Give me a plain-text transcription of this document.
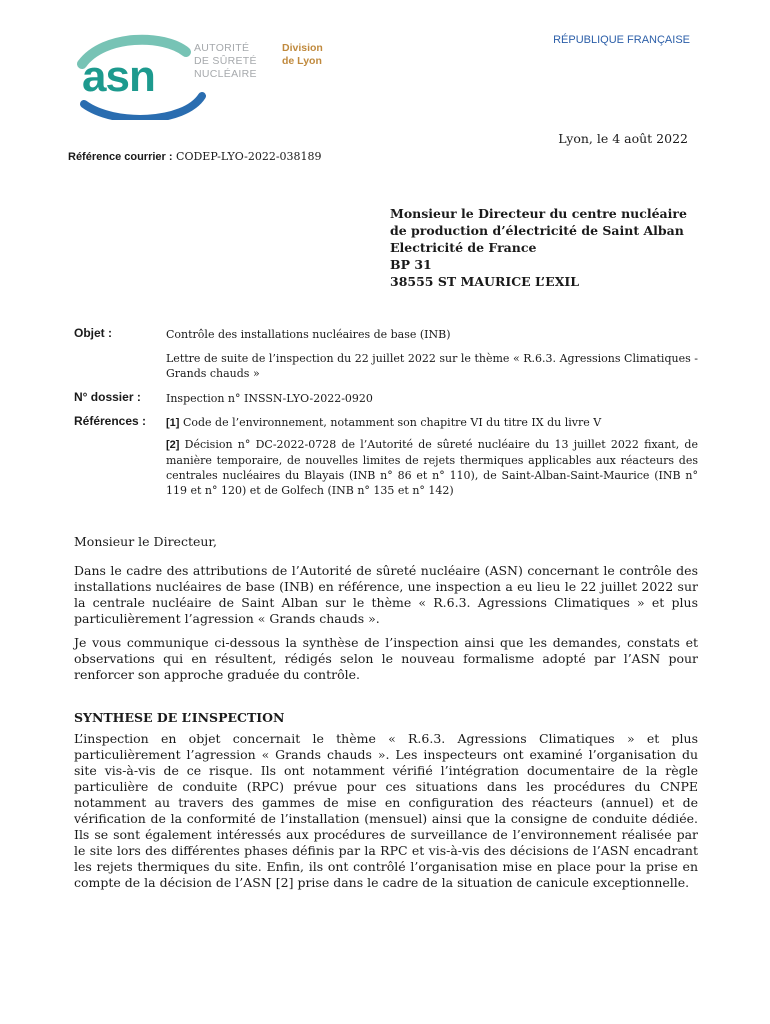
asn
AUTORITÉ
DE SÛRETÉ
NUCLÉAIRE
Division
de Lyon
RÉPUBLIQUE FRANÇAISE
Lyon, le 4 août 2022
Référence courrier : CODEP-LYO-2022-038189
Monsieur le Directeur du centre nucléaire
de production d’électricité de Saint Alban
Electricité de France
BP 31
38555 ST MAURICE L’EXIL
Objet :	Contrôle des installations nucléaires de base (INB)
Lettre de suite de l’inspection du 22 juillet 2022 sur le thème « R.6.3. Agressions Climatiques - Grands chauds »
N° dossier : Inspection n° INSSN-LYO-2022-0920
Références : [1] Code de l’environnement, notamment son chapitre VI du titre IX du livre V
[2] Décision n° DC-2022-0728 de l’Autorité de sûreté nucléaire du 13 juillet 2022 fixant, de manière temporaire, de nouvelles limites de rejets thermiques applicables aux réacteurs des centrales nucléaires du Blayais (INB n° 86 et n° 110), de Saint-Alban-Saint-Maurice (INB n° 119 et n° 120) et de Golfech (INB n° 135 et n° 142)
Monsieur le Directeur,
Dans le cadre des attributions de l’Autorité de sûreté nucléaire (ASN) concernant le contrôle des installations nucléaires de base (INB) en référence, une inspection a eu lieu le 22 juillet 2022 sur la centrale nucléaire de Saint Alban sur le thème « R.6.3. Agressions Climatiques » et plus particulièrement l’agression « Grands chauds ».
Je vous communique ci-dessous la synthèse de l’inspection ainsi que les demandes, constats et observations qui en résultent, rédigés selon le nouveau formalisme adopté par l’ASN pour renforcer son approche graduée du contrôle.
SYNTHESE DE L’INSPECTION
L’inspection en objet concernait le thème « R.6.3. Agressions Climatiques » et plus particulièrement l’agression « Grands chauds ». Les inspecteurs ont examiné l’organisation du site vis-à-vis de ce risque. Ils ont notamment vérifié l’intégration documentaire de la règle particulière de conduite (RPC) prévue pour ces situations dans les procédures du CNPE notamment au travers des gammes de mise en configuration des réacteurs (annuel) et de vérification de la conformité de l’installation (mensuel) ainsi que la consigne de conduite dédiée. Ils se sont également intéressés aux procédures de surveillance de l’environnement réalisée par le site lors des différentes phases définis par la RPC et vis-à-vis des décisions de l’ASN encadrant les rejets thermiques du site. Enfin, ils ont contrôlé l’organisation mise en place pour la prise en compte de la décision de l’ASN [2] prise dans le cadre de la situation de canicule exceptionnelle.
